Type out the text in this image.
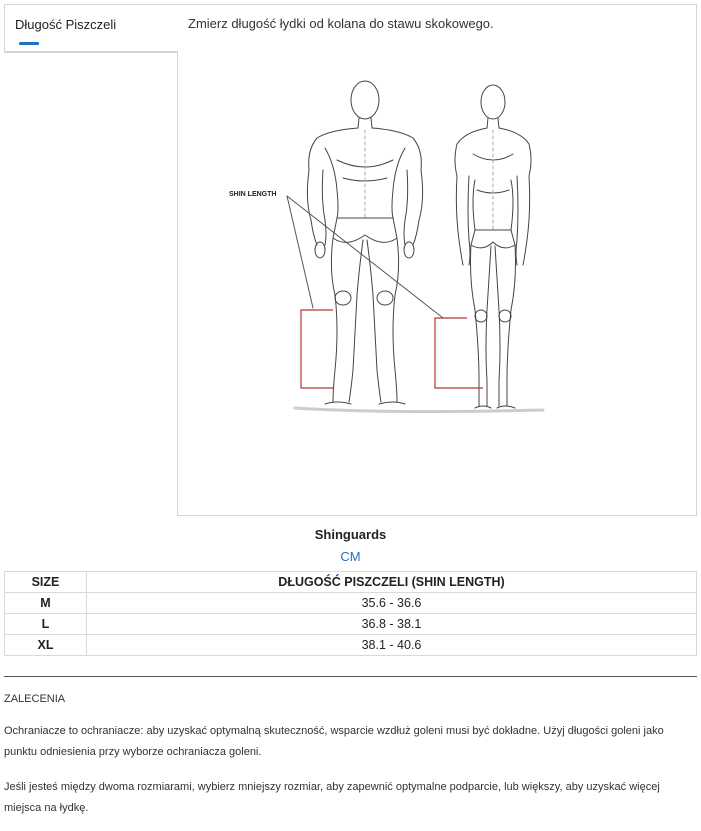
Długość Piszczeli	Zmierz długość łydki od kolana do stawu skokowego.
SHIN LENGTH
Shinguards
CM
SIZE	DŁUGOŚĆ PISZCZELI (SHIN LENGTH)
M	35.6 - 36.6
L	36.8 - 38.1
XL	38.1 - 40.6
ZALECENIA

Ochraniacze to ochraniacze: aby uzyskać optymalną skuteczność, wsparcie wzdłuż goleni musi być dokładne. Użyj długości goleni jako punktu odniesienia przy wyborze ochraniacza goleni.

Jeśli jesteś między dwoma rozmiarami, wybierz mniejszy rozmiar, aby zapewnić optymalne podparcie, lub większy, aby uzyskać więcej miejsca na łydkę.
